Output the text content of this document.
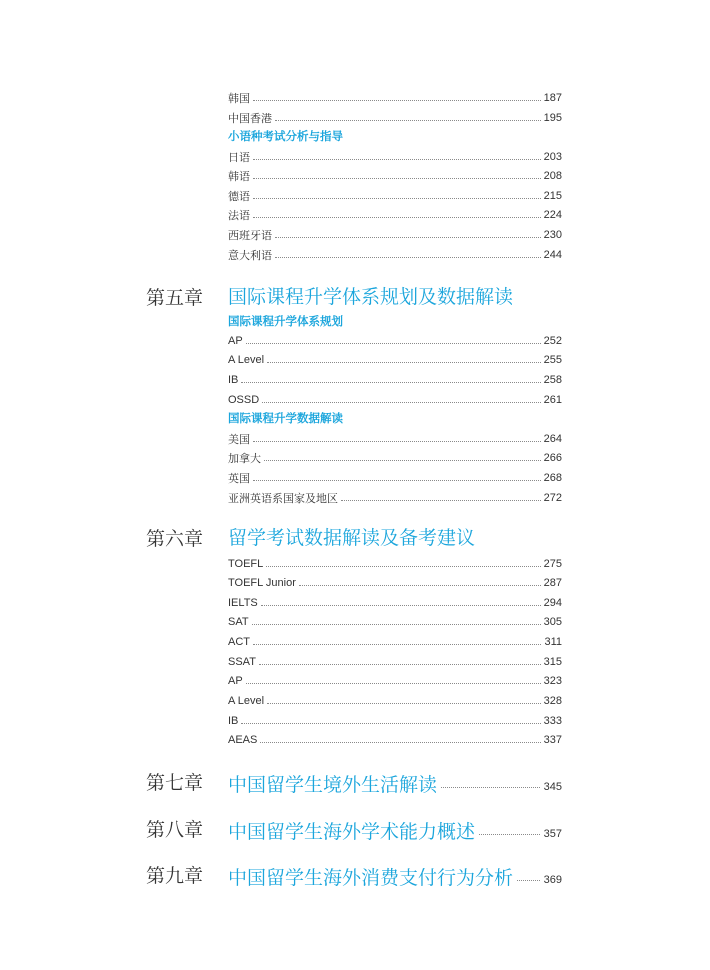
韩国	187
中国香港	195
小语种考试分析与指导
日语	203
韩语	208
德语	215
法语	224
西班牙语	230
意大利语	244
第五章 国际课程升学体系规划及数据解读
国际课程升学体系规划
AP	252
A Level	255
IB	258
OSSD	261
国际课程升学数据解读
美国	264
加拿大	266
英国	268
亚洲英语系国家及地区	272
第六章 留学考试数据解读及备考建议
TOEFL	275
TOEFL Junior	287
IELTS	294
SAT	305
ACT	311
SSAT	315
AP	323
A Level	328
IB	333
AEAS	337
第七章 中国留学生境外生活解读	345
第八章 中国留学生海外学术能力概述	357
第九章 中国留学生海外消费支付行为分析	369
